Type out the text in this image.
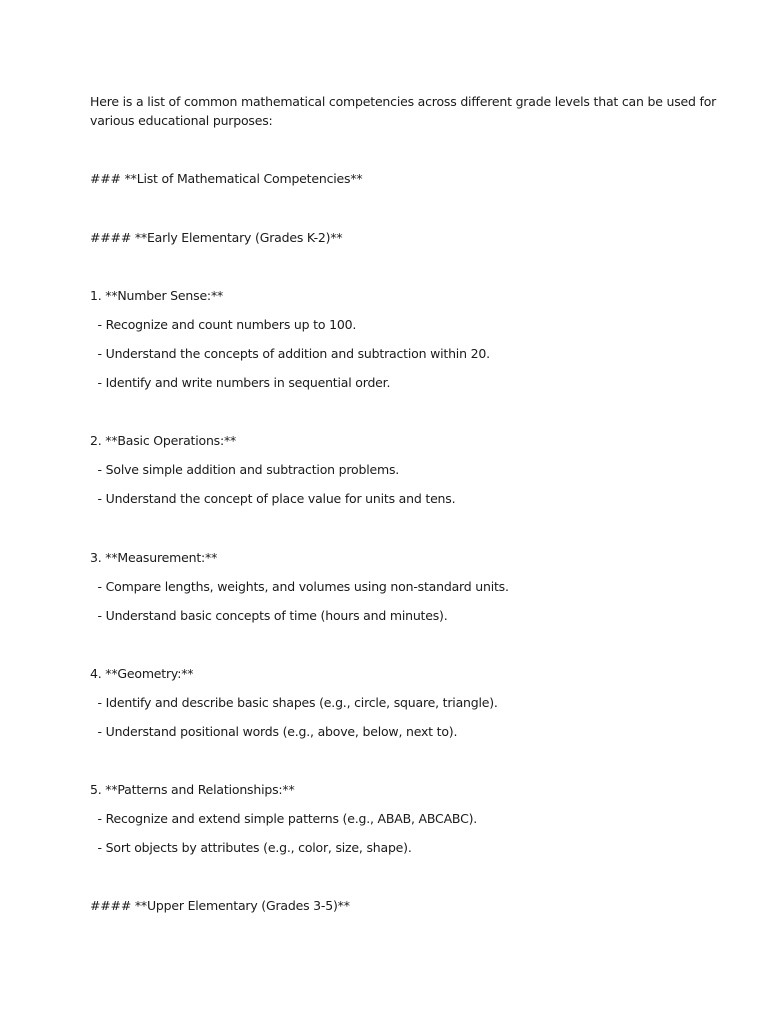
Here is a list of common mathematical competencies across different grade levels that can be used for
various educational purposes:
### **List of Mathematical Competencies**
#### **Early Elementary (Grades K-2)**
1. **Number Sense:**
- Recognize and count numbers up to 100.
- Understand the concepts of addition and subtraction within 20.
- Identify and write numbers in sequential order.
2. **Basic Operations:**
- Solve simple addition and subtraction problems.
- Understand the concept of place value for units and tens.
3. **Measurement:**
- Compare lengths, weights, and volumes using non-standard units.
- Understand basic concepts of time (hours and minutes).
4. **Geometry:**
- Identify and describe basic shapes (e.g., circle, square, triangle).
- Understand positional words (e.g., above, below, next to).
5. **Patterns and Relationships:**
- Recognize and extend simple patterns (e.g., ABAB, ABCABC).
- Sort objects by attributes (e.g., color, size, shape).
#### **Upper Elementary (Grades 3-5)**
